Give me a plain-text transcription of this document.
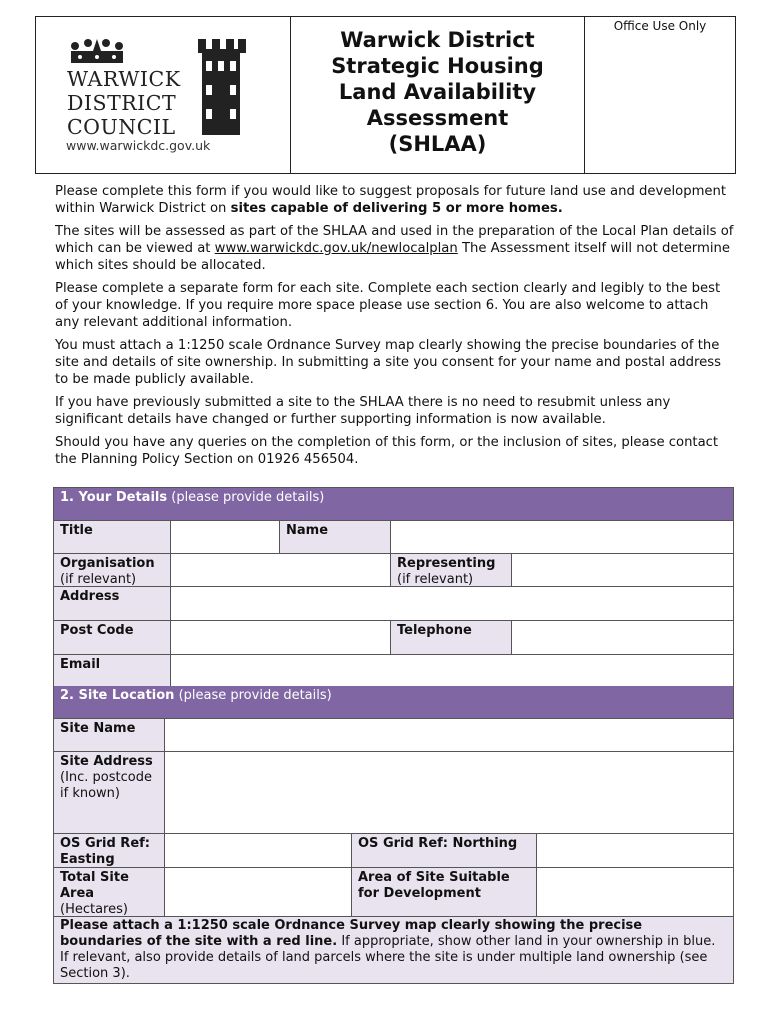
WARWICK
DISTRICT
COUNCIL
www.warwickdc.gov.uk
Warwick District
Strategic Housing
Land Availability
Assessment
(SHLAA)
Office Use Only

Please complete this form if you would like to suggest proposals for future land use and development within Warwick District on sites capable of delivering 5 or more homes.

The sites will be assessed as part of the SHLAA and used in the preparation of the Local Plan details of which can be viewed at www.warwickdc.gov.uk/newlocalplan The Assessment itself will not determine which sites should be allocated.

Please complete a separate form for each site. Complete each section clearly and legibly to the best of your knowledge. If you require more space please use section 6. You are also welcome to attach any relevant additional information.

You must attach a 1:1250 scale Ordnance Survey map clearly showing the precise boundaries of the site and details of site ownership. In submitting a site you consent for your name and postal address to be made publicly available.

If you have previously submitted a site to the SHLAA there is no need to resubmit unless any significant details have changed or further supporting information is now available.

Should you have any queries on the completion of this form, or the inclusion of sites, please contact the Planning Policy Section on 01926 456504.

1. Your Details (please provide details)
Title	Name
Organisation
(if relevant)
Representing
(if relevant)
Address
Post Code	Telephone
Email
2. Site Location (please provide details)
Site Name
Site Address
(Inc. postcode if known)
OS Grid Ref: Easting
OS Grid Ref: Northing
Total Site Area
(Hectares)
Area of Site Suitable for Development
Please attach a 1:1250 scale Ordnance Survey map clearly showing the precise boundaries of the site with a red line. If appropriate, show other land in your ownership in blue. If relevant, also provide details of land parcels where the site is under multiple land ownership (see Section 3).
